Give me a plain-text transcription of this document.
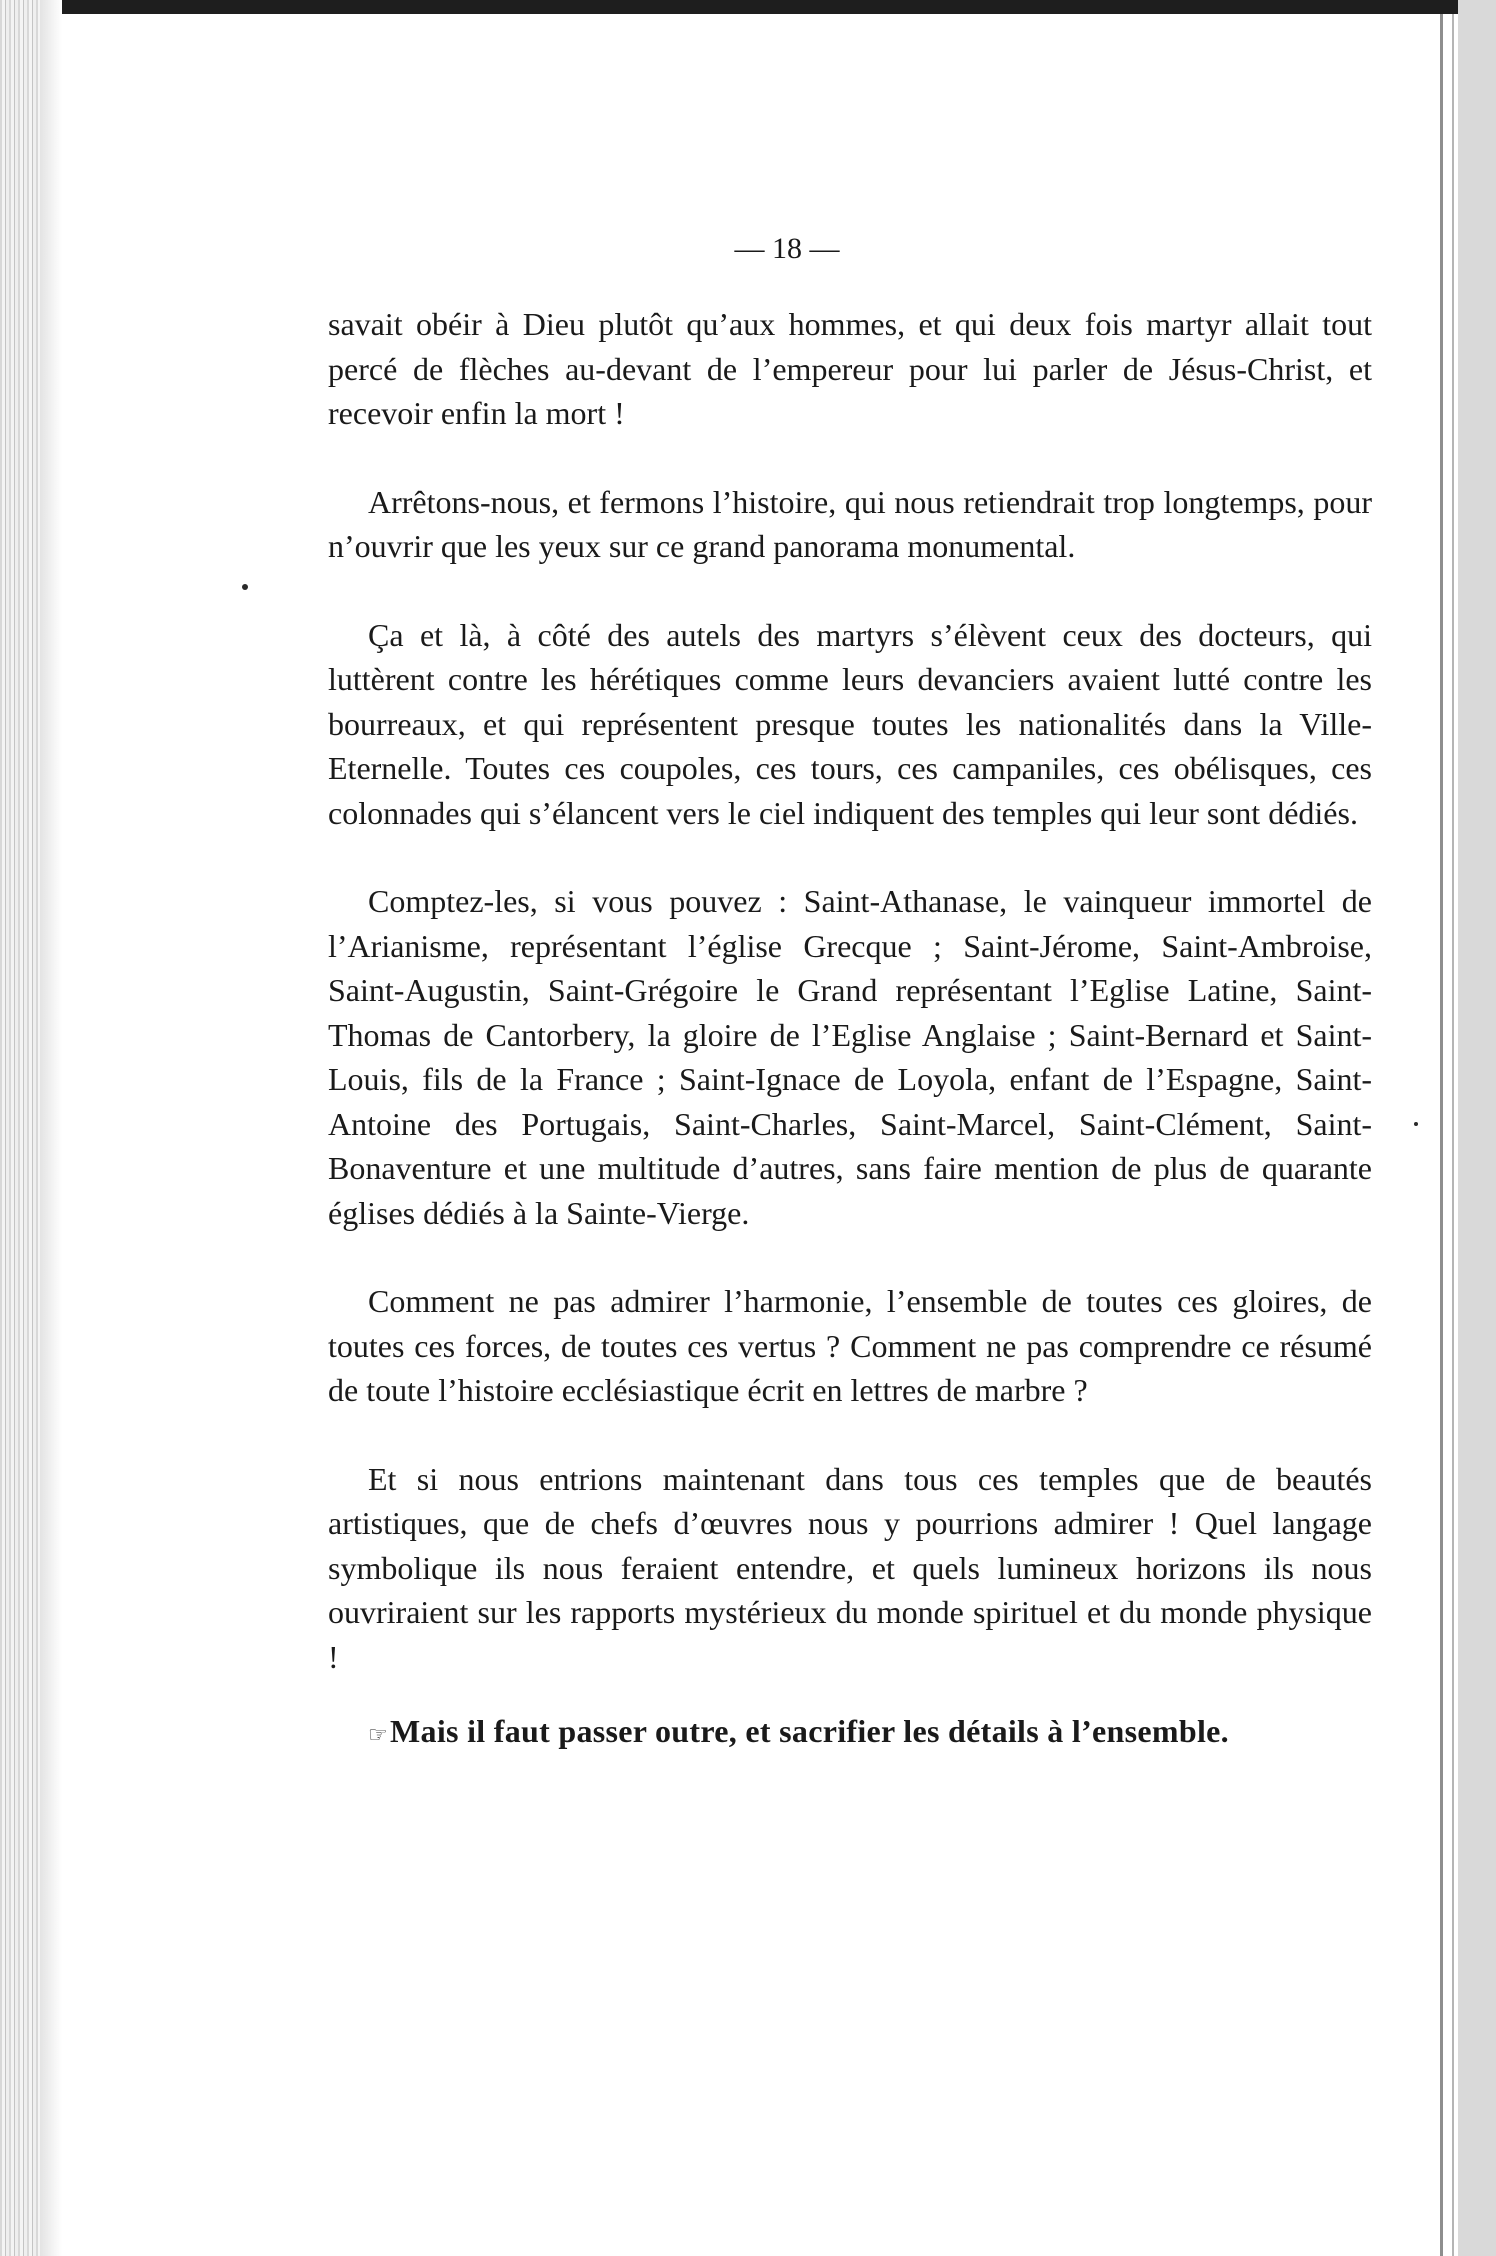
— 18 —

savait obéir à Dieu plutôt qu’aux hommes, et qui deux fois martyr allait tout percé de flèches au-devant de l’empereur pour lui parler de Jésus-Christ, et recevoir enfin la mort !

Arrêtons-nous, et fermons l’histoire, qui nous retiendrait trop longtemps, pour n’ouvrir que les yeux sur ce grand panorama monumental.

Ça et là, à côté des autels des martyrs s’élèvent ceux des docteurs, qui luttèrent contre les hérétiques comme leurs devanciers avaient lutté contre les bourreaux, et qui représentent presque toutes les nationalités dans la Ville-Eternelle. Toutes ces coupoles, ces tours, ces campaniles, ces obélisques, ces colonnades qui s’élancent vers le ciel indiquent des temples qui leur sont dédiés.

Comptez-les, si vous pouvez : Saint-Athanase, le vainqueur immortel de l’Arianisme, représentant l’église Grecque ; Saint-Jérome, Saint-Ambroise, Saint-Augustin, Saint-Grégoire le Grand représentant l’Eglise Latine, Saint-Thomas de Cantorbery, la gloire de l’Eglise Anglaise ; Saint-Bernard et Saint-Louis, fils de la France ; Saint-Ignace de Loyola, enfant de l’Espagne, Saint-Antoine des Portugais, Saint-Charles, Saint-Marcel, Saint-Clément, Saint-Bonaventure et une multitude d’autres, sans faire mention de plus de quarante églises dédiés à la Sainte-Vierge.

Comment ne pas admirer l’harmonie, l’ensemble de toutes ces gloires, de toutes ces forces, de toutes ces vertus ? Comment ne pas comprendre ce résumé de toute l’histoire ecclésiastique écrit en lettres de marbre ?

Et si nous entrions maintenant dans tous ces temples que de beautés artistiques, que de chefs d’œuvres nous y pourrions admirer ! Quel langage symbolique ils nous feraient entendre, et quels lumineux horizons ils nous ouvriraient sur les rapports mystérieux du monde spirituel et du monde physique !

☞Mais il faut passer outre, et sacrifier les détails à l’ensemble.
